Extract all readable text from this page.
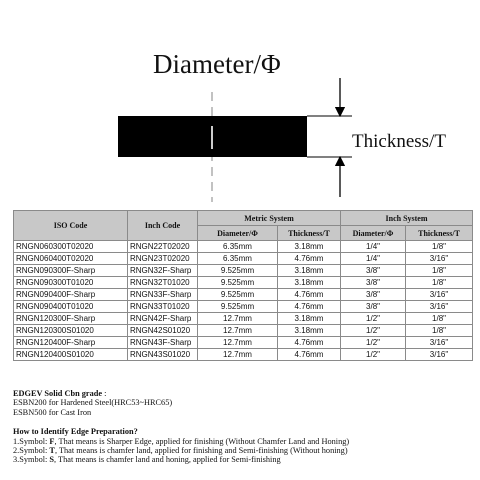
Diameter/Φ
Thickness/T
ISO Code	Inch Code	Metric System		Inch System	
		Diameter/Φ	Thickness/T	Diameter/Φ	Thickness/T
RNGN060300T02020	RNGN22T02020	6.35mm	3.18mm	1/4"	1/8"
RNGN060400T02020	RNGN23T02020	6.35mm	4.76mm	1/4"	3/16"
RNGN090300F-Sharp	RNGN32F-Sharp	9.525mm	3.18mm	3/8"	1/8"
RNGN090300T01020	RNGN32T01020	9.525mm	3.18mm	3/8"	1/8"
RNGN090400F-Sharp	RNGN33F-Sharp	9.525mm	4.76mm	3/8"	3/16"
RNGN090400T01020	RNGN33T01020	9.525mm	4.76mm	3/8"	3/16"
RNGN120300F-Sharp	RNGN42F-Sharp	12.7mm	3.18mm	1/2"	1/8"
RNGN120300S01020	RNGN42S01020	12.7mm	3.18mm	1/2"	1/8"
RNGN120400F-Sharp	RNGN43F-Sharp	12.7mm	4.76mm	1/2"	3/16"
RNGN120400S01020	RNGN43S01020	12.7mm	4.76mm	1/2"	3/16"
EDGEV Solid Cbn grade :
ESBN200 for Hardened Steel(HRC53~HRC65)
ESBN500 for Cast Iron
How to Identify Edge Preparation?
1.Symbol: F, That means is Sharper Edge, applied for finishing (Without Chamfer Land and Honing)
2.Symbol: T, That means is chamfer land, applied for finishing and Semi-finishing (Without honing)
3.Symbol: S, That means is chamfer land and honing, applied for Semi-finishing
